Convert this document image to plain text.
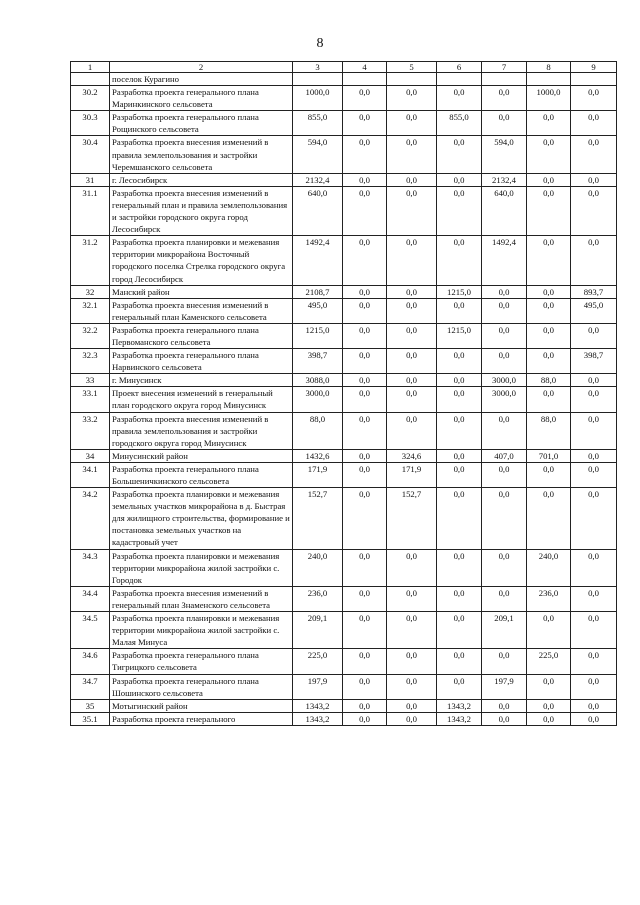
8
1	2	3	4	5	6	7	8	9
	поселок Курагино							
30.2	Разработка проекта генерального плана Маринкинского сельсовета	1000,0	0,0	0,0	0,0	0,0	1000,0	0,0
30.3	Разработка проекта генерального плана Рощинского сельсовета	855,0	0,0	0,0	855,0	0,0	0,0	0,0
30.4	Разработка проекта внесения изменений в правила землепользования и застройки Черемшанского сельсовета	594,0	0,0	0,0	0,0	594,0	0,0	0,0
31	г. Лесосибирск	2132,4	0,0	0,0	0,0	2132,4	0,0	0,0
31.1	Разработка проекта внесения изменений в генеральный план и правила землепользования и застройки городского округа город Лесосибирск	640,0	0,0	0,0	0,0	640,0	0,0	0,0
31.2	Разработка проекта планировки и межевания территории микрорайона Восточный городского поселка Стрелка городского округа город Лесосибирск	1492,4	0,0	0,0	0,0	1492,4	0,0	0,0
32	Манский район	2108,7	0,0	0,0	1215,0	0,0	0,0	893,7
32.1	Разработка проекта внесения изменений в генеральный план Каменского сельсовета	495,0	0,0	0,0	0,0	0,0	0,0	495,0
32.2	Разработка проекта генерального плана Первоманского сельсовета	1215,0	0,0	0,0	1215,0	0,0	0,0	0,0
32.3	Разработка проекта генерального плана Нарвинского сельсовета	398,7	0,0	0,0	0,0	0,0	0,0	398,7
33	г. Минусинск	3088,0	0,0	0,0	0,0	3000,0	88,0	0,0
33.1	Проект внесения изменений в генеральный план городского округа город Минусинск	3000,0	0,0	0,0	0,0	3000,0	0,0	0,0
33.2	Разработка проекта внесения изменений в правила землепользования и застройки городского округа город Минусинск	88,0	0,0	0,0	0,0	0,0	88,0	0,0
34	Минусинский район	1432,6	0,0	324,6	0,0	407,0	701,0	0,0
34.1	Разработка проекта генерального плана Большеничкинского сельсовета	171,9	0,0	171,9	0,0	0,0	0,0	0,0
34.2	Разработка проекта планировки и межевания земельных участков микрорайона в д. Быстрая для жилищного строительства, формирование и постановка земельных участков на кадастровый учет	152,7	0,0	152,7	0,0	0,0	0,0	0,0
34.3	Разработка проекта планировки и межевания территории микрорайона жилой застройки с. Городок	240,0	0,0	0,0	0,0	0,0	240,0	0,0
34.4	Разработка проекта внесения изменений в генеральный план Знаменского сельсовета	236,0	0,0	0,0	0,0	0,0	236,0	0,0
34.5	Разработка проекта планировки и межевания территории микрорайона жилой застройки с. Малая Минуса	209,1	0,0	0,0	0,0	209,1	0,0	0,0
34.6	Разработка проекта генерального плана Тигрицкого сельсовета	225,0	0,0	0,0	0,0	0,0	225,0	0,0
34.7	Разработка проекта генерального плана Шошинского сельсовета	197,9	0,0	0,0	0,0	197,9	0,0	0,0
35	Мотыгинский район	1343,2	0,0	0,0	1343,2	0,0	0,0	0,0
35.1	Разработка проекта генерального	1343,2	0,0	0,0	1343,2	0,0	0,0	0,0
